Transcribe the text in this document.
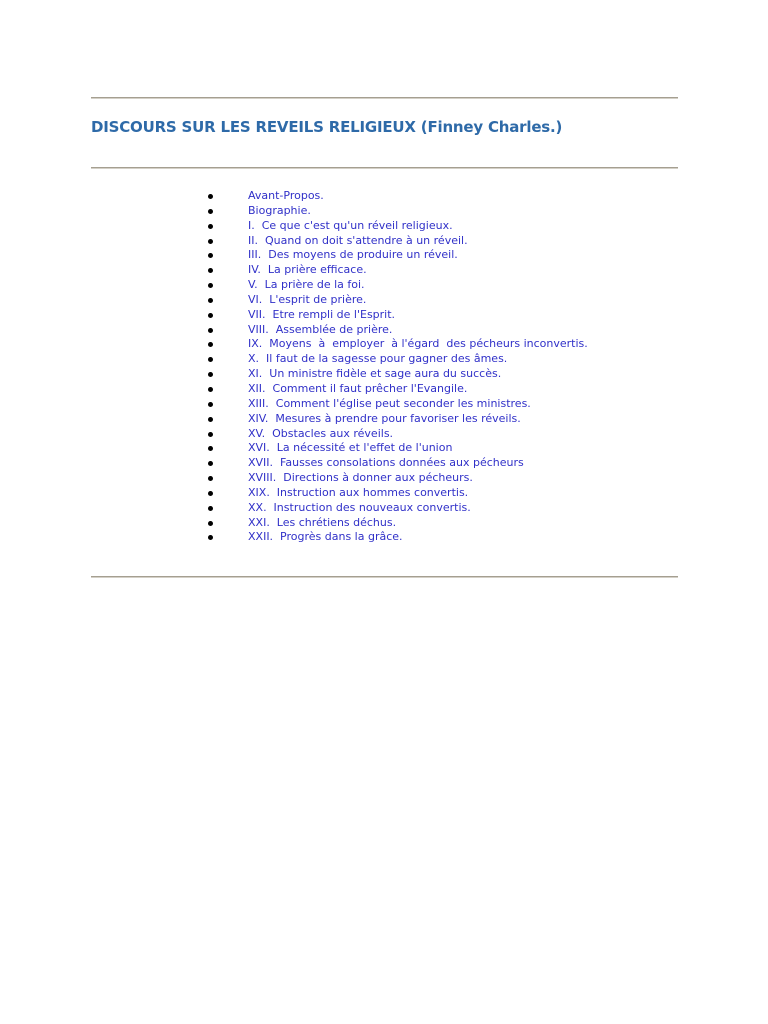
DISCOURS SUR LES REVEILS RELIGIEUX (Finney Charles.)
Avant-Propos.
Biographie.
I.  Ce que c'est qu'un réveil religieux.
II.  Quand on doit s'attendre à un réveil.
III.  Des moyens de produire un réveil.
IV.  La prière efficace.
V.  La prière de la foi.
VI.  L'esprit de prière.
VII.  Etre rempli de l'Esprit.
VIII.  Assemblée de prière.
IX.  Moyens  à  employer  à l'égard  des pécheurs inconvertis.
X.  Il faut de la sagesse pour gagner des âmes.
XI.  Un ministre fidèle et sage aura du succès.
XII.  Comment il faut prêcher l'Evangile.
XIII.  Comment l'église peut seconder les ministres.
XIV.  Mesures à prendre pour favoriser les réveils.
XV.  Obstacles aux réveils.
XVI.  La nécessité et l'effet de l'union
XVII.  Fausses consolations données aux pécheurs
XVIII.  Directions à donner aux pécheurs.
XIX.  Instruction aux hommes convertis.
XX.  Instruction des nouveaux convertis.
XXI.  Les chrétiens déchus.
XXII.  Progrès dans la grâce.
